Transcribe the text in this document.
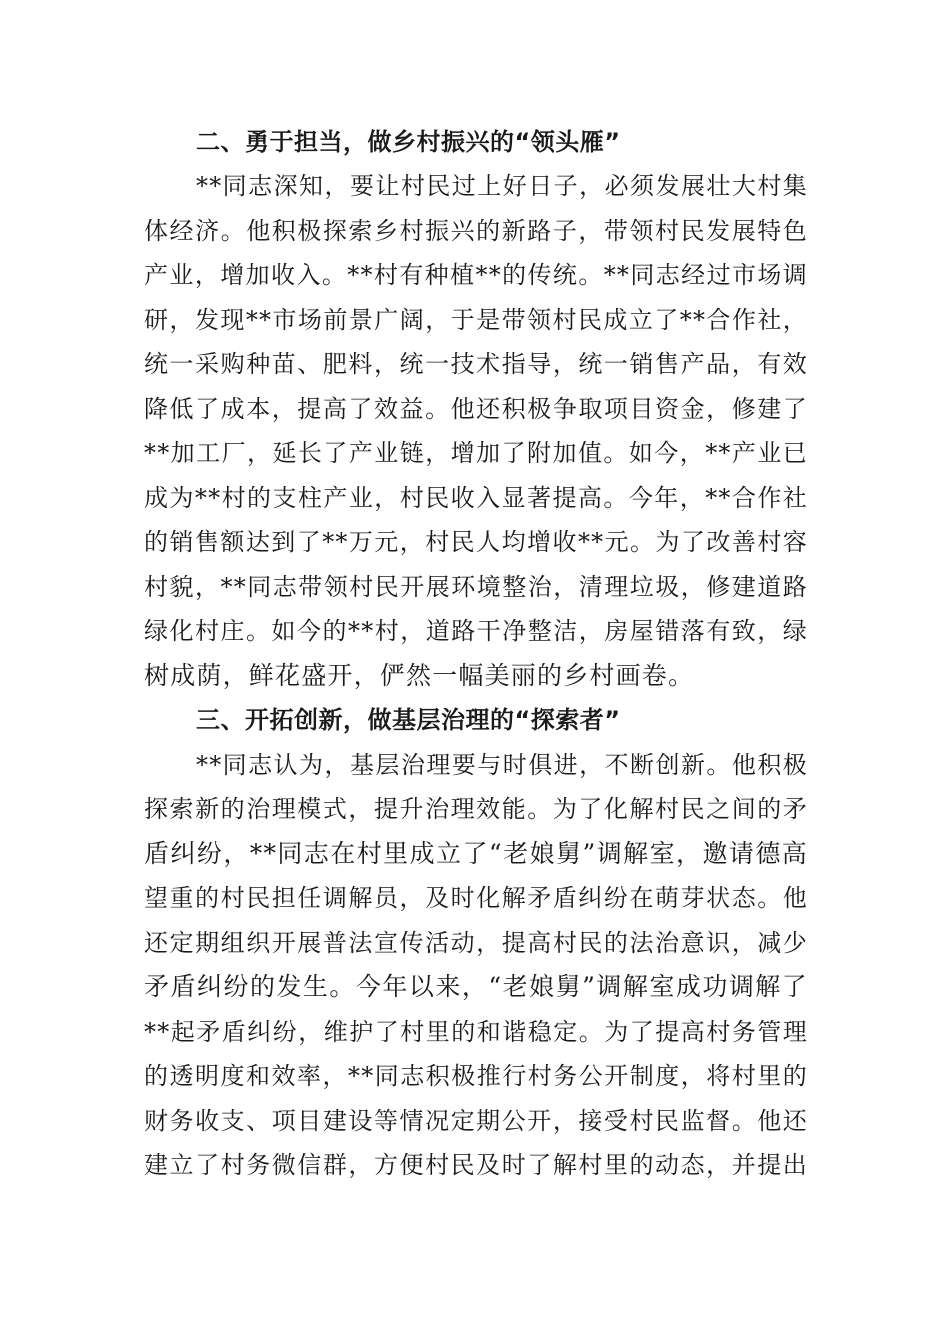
二、勇于担当，做乡村振兴的“领头雁”
**同志深知，要让村民过上好日子，必须发展壮大村集
体经济。他积极探索乡村振兴的新路子，带领村民发展特色
产业，增加收入。**村有种植**的传统。**同志经过市场调
研，发现**市场前景广阔，于是带领村民成立了**合作社，
统一采购种苗、肥料，统一技术指导，统一销售产品，有效
降低了成本，提高了效益。他还积极争取项目资金，修建了
**加工厂，延长了产业链，增加了附加值。如今，**产业已
成为**村的支柱产业，村民收入显著提高。今年，**合作社
的销售额达到了**万元，村民人均增收**元。为了改善村容
村貌，**同志带领村民开展环境整治，清理垃圾，修建道路
绿化村庄。如今的**村，道路干净整洁，房屋错落有致，绿
树成荫，鲜花盛开，俨然一幅美丽的乡村画卷。
三、开拓创新，做基层治理的“探索者”
**同志认为，基层治理要与时俱进，不断创新。他积极
探索新的治理模式，提升治理效能。为了化解村民之间的矛
盾纠纷，**同志在村里成立了“老娘舅”调解室，邀请德高
望重的村民担任调解员，及时化解矛盾纠纷在萌芽状态。他
还定期组织开展普法宣传活动，提高村民的法治意识，减少
矛盾纠纷的发生。今年以来，“老娘舅”调解室成功调解了
**起矛盾纠纷，维护了村里的和谐稳定。为了提高村务管理
的透明度和效率，**同志积极推行村务公开制度，将村里的
财务收支、项目建设等情况定期公开，接受村民监督。他还
建立了村务微信群，方便村民及时了解村里的动态，并提出
